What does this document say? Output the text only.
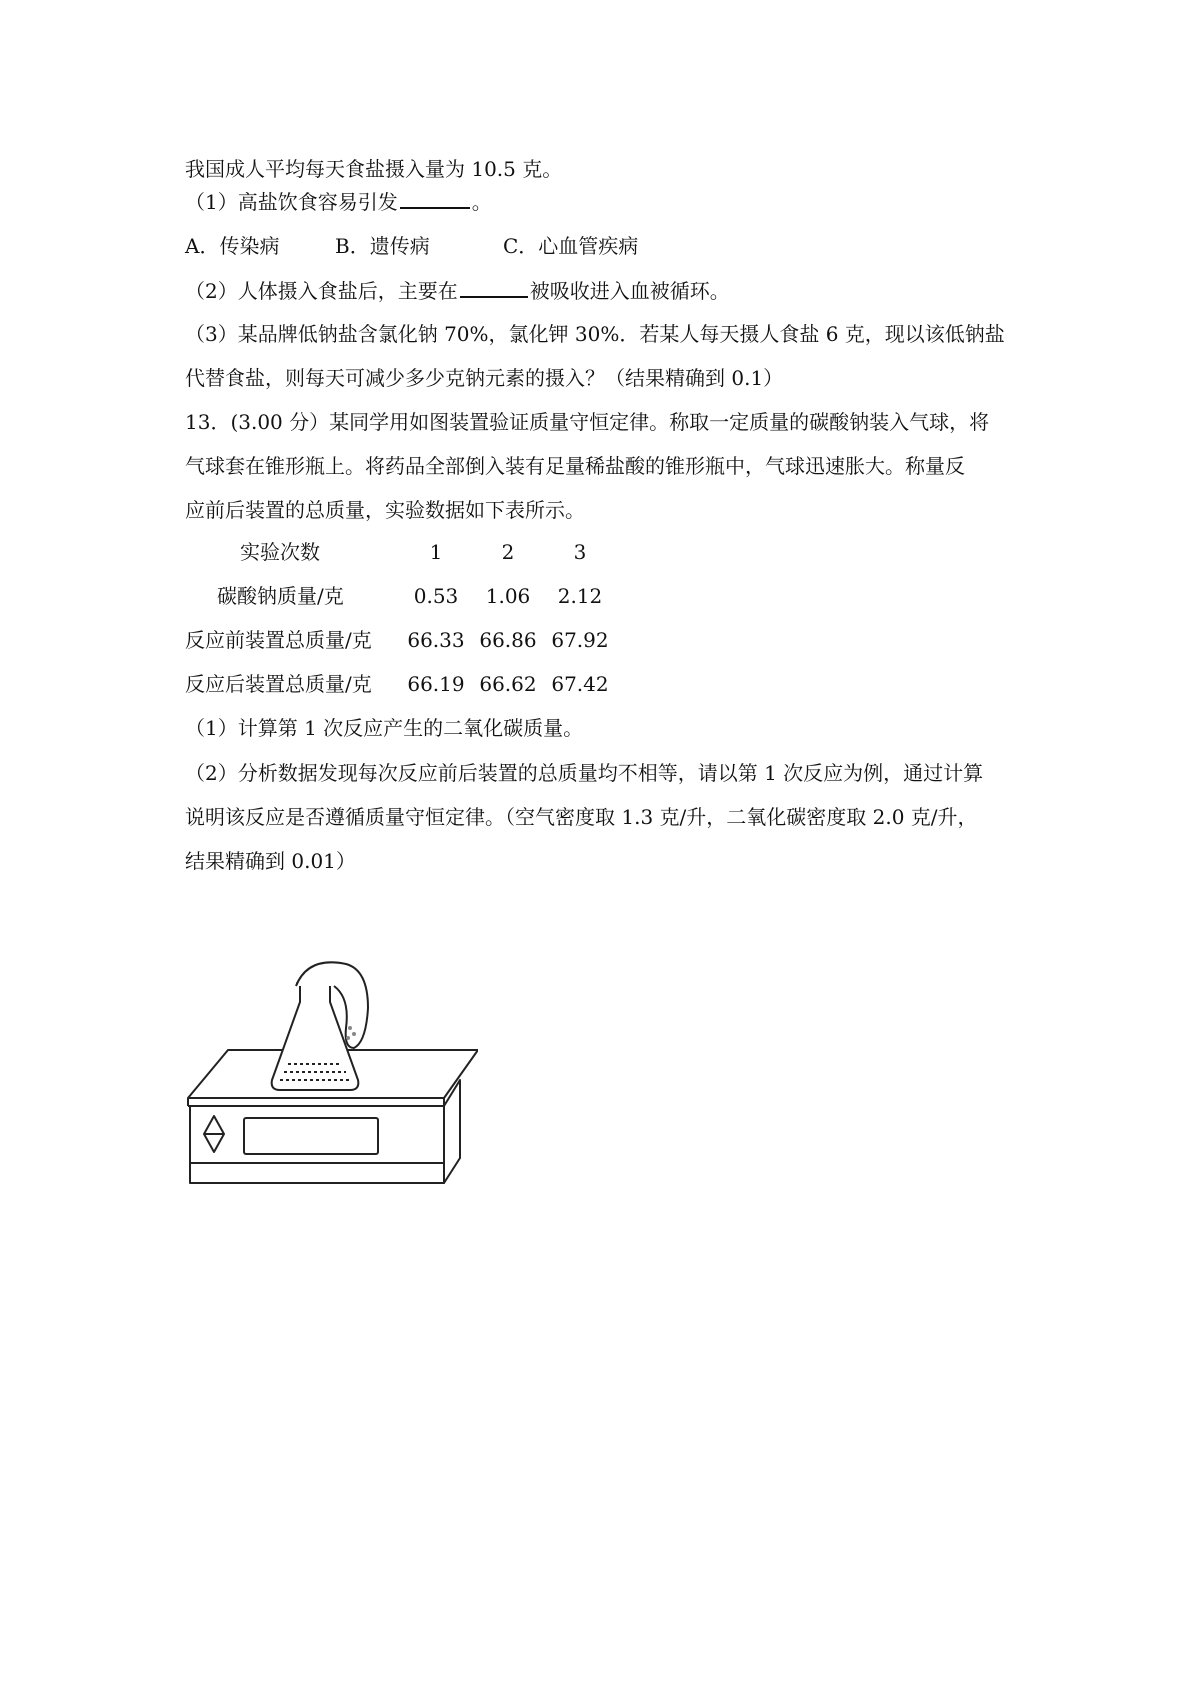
我国成人平均每天食盐摄入量为 10.5 克。
（1）高盐饮食容易引发	。
A．传染病	B．遗传病	C．心血管疾病
（2）人体摄入食盐后，主要在	被吸收进入血被循环。
（3）某品牌低钠盐含氯化钠 70%，氯化钾 30%．若某人每天摄人食盐 6 克，现以该低钠盐
代替食盐，则每天可减少多少克钠元素的摄入？（结果精确到 0.1）
13．(3.00 分）某同学用如图装置验证质量守恒定律。称取一定质量的碳酸钠装入气球，将
气球套在锥形瓶上。将药品全部倒入装有足量稀盐酸的锥形瓶中，气球迅速胀大。称量反
应前后装置的总质量，实验数据如下表所示。
实验次数	1	2	3
碳酸钠质量/克	0.53	1.06	2.12
反应前装置总质量/克	66.33 66.86 67.92
反应后装置总质量/克	66.19 66.62 67.42
（1）计算第 1 次反应产生的二氧化碳质量。
（2）分析数据发现每次反应前后装置的总质量均不相等，请以第 1 次反应为例，通过计算
说明该反应是否遵循质量守恒定律。（空气密度取 1.3 克/升，二氧化碳密度取 2.0 克/升，
结果精确到 0.01）
